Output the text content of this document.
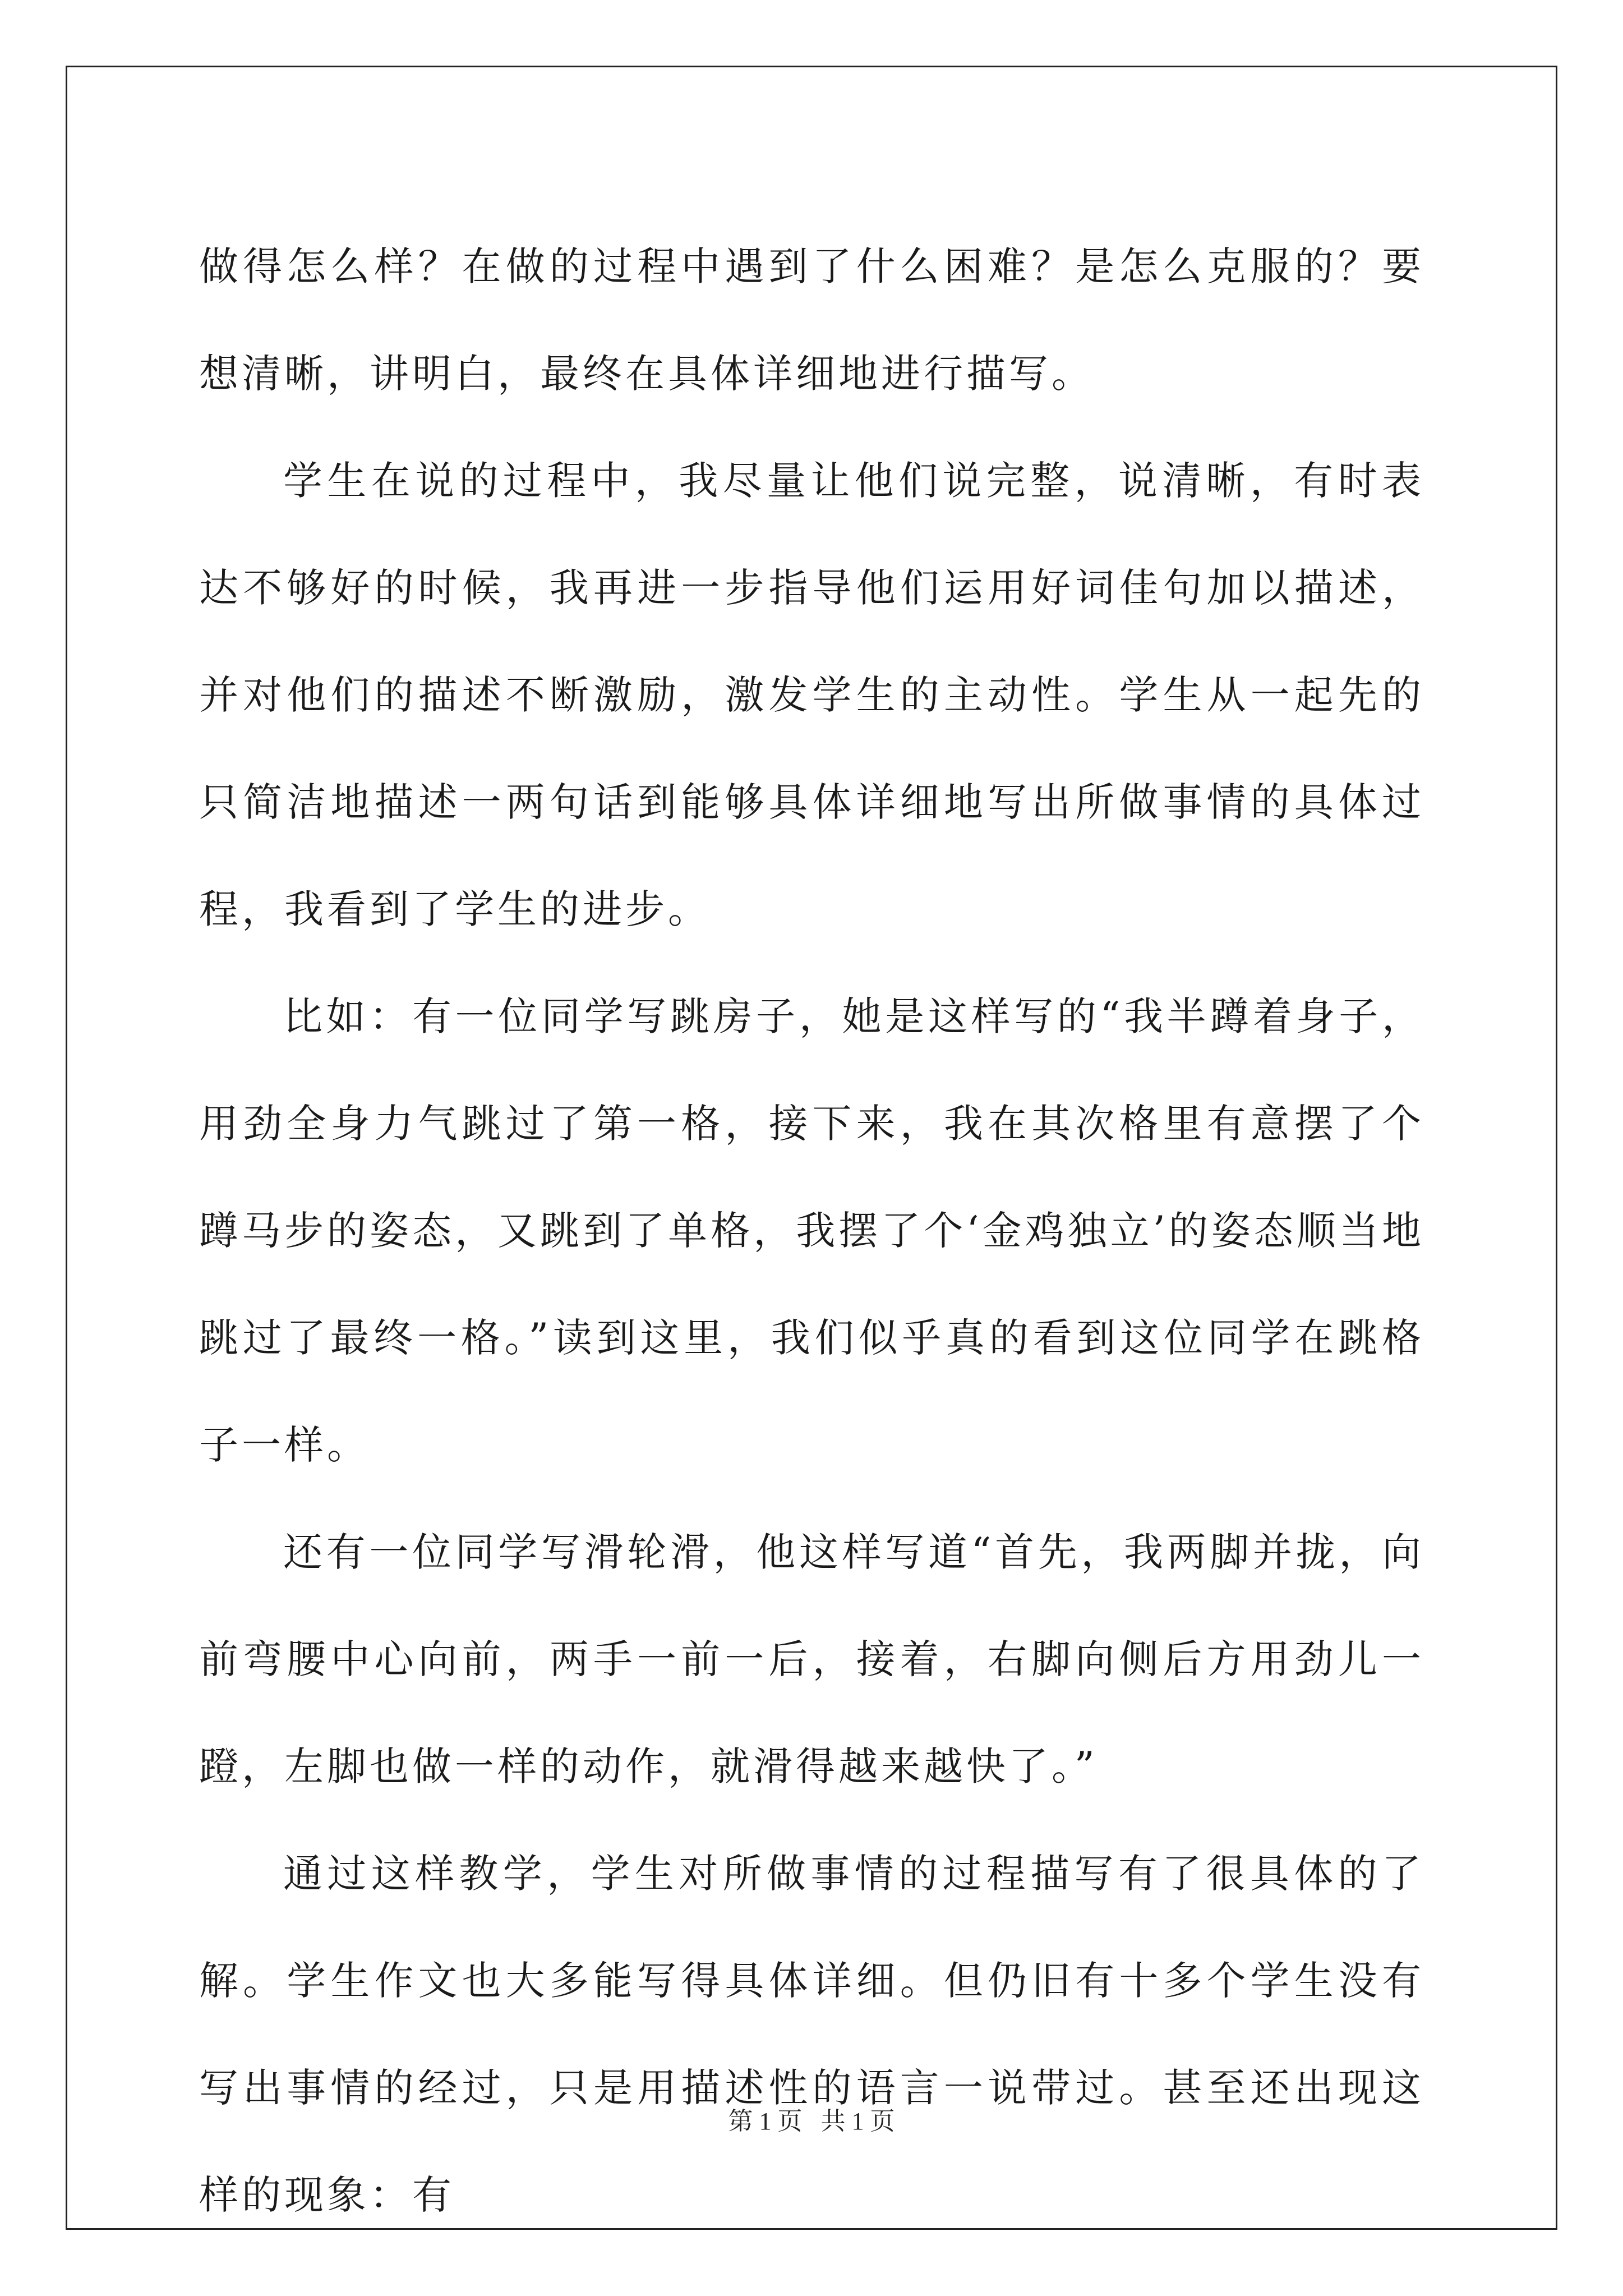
做得怎么样？在做的过程中遇到了什么困难？是怎么克服的？要想清晰，讲明白，最终在具体详细地进行描写。

学生在说的过程中，我尽量让他们说完整，说清晰，有时表达不够好的时候，我再进一步指导他们运用好词佳句加以描述，并对他们的描述不断激励，激发学生的主动性。学生从一起先的只简洁地描述一两句话到能够具体详细地写出所做事情的具体过程，我看到了学生的进步。

比如：有一位同学写跳房子，她是这样写的“我半蹲着身子，用劲全身力气跳过了第一格，接下来，我在其次格里有意摆了个蹲马步的姿态，又跳到了单格，我摆了个‘金鸡独立’的姿态顺当地跳过了最终一格。”读到这里，我们似乎真的看到这位同学在跳格子一样。

还有一位同学写滑轮滑，他这样写道“首先，我两脚并拢，向前弯腰中心向前，两手一前一后，接着，右脚向侧后方用劲儿一蹬，左脚也做一样的动作，就滑得越来越快了。”

通过这样教学，学生对所做事情的过程描写有了很具体的了解。学生作文也大多能写得具体详细。但仍旧有十多个学生没有写出事情的经过，只是用描述性的语言一说带过。甚至还出现这样的现象：有

第 1 页   共 1 页
